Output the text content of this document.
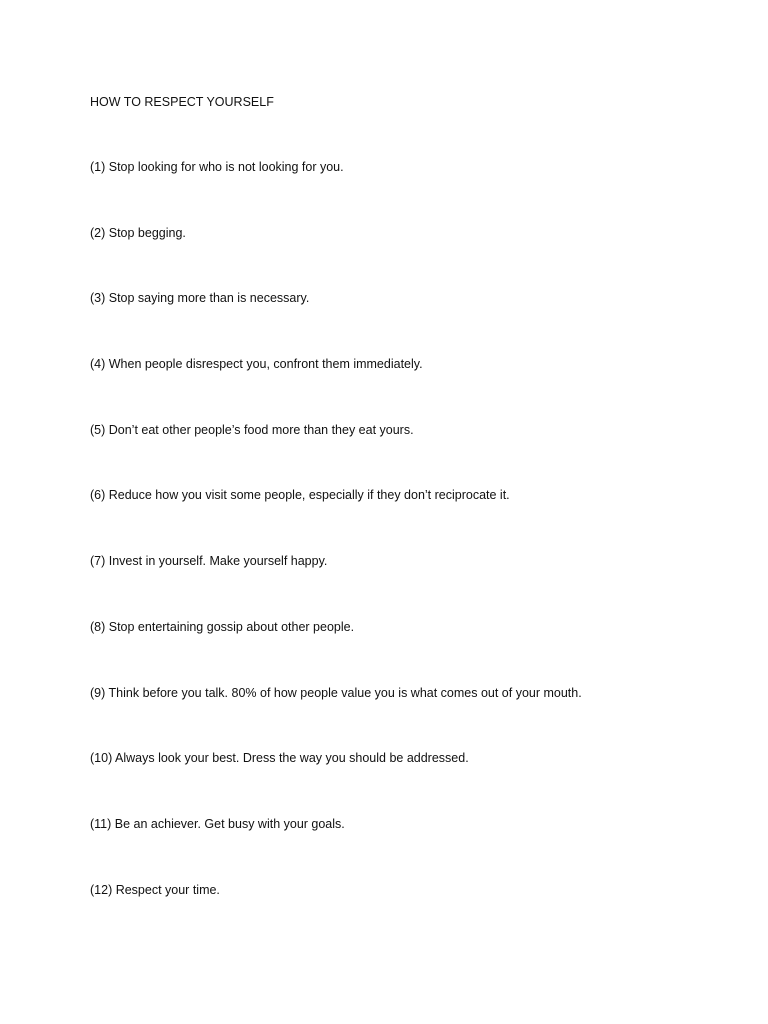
HOW TO RESPECT YOURSELF
(1) Stop looking for who is not looking for you.
(2) Stop begging.
(3) Stop saying more than is necessary.
(4) When people disrespect you, confront them immediately.
(5) Don’t eat other people’s food more than they eat yours.
(6) Reduce how you visit some people, especially if they don’t reciprocate it.
(7) Invest in yourself. Make yourself happy.
(8) Stop entertaining gossip about other people.
(9) Think before you talk. 80% of how people value you is what comes out of your mouth.
(10) Always look your best. Dress the way you should be addressed.
(11) Be an achiever. Get busy with your goals.
(12) Respect your time.
